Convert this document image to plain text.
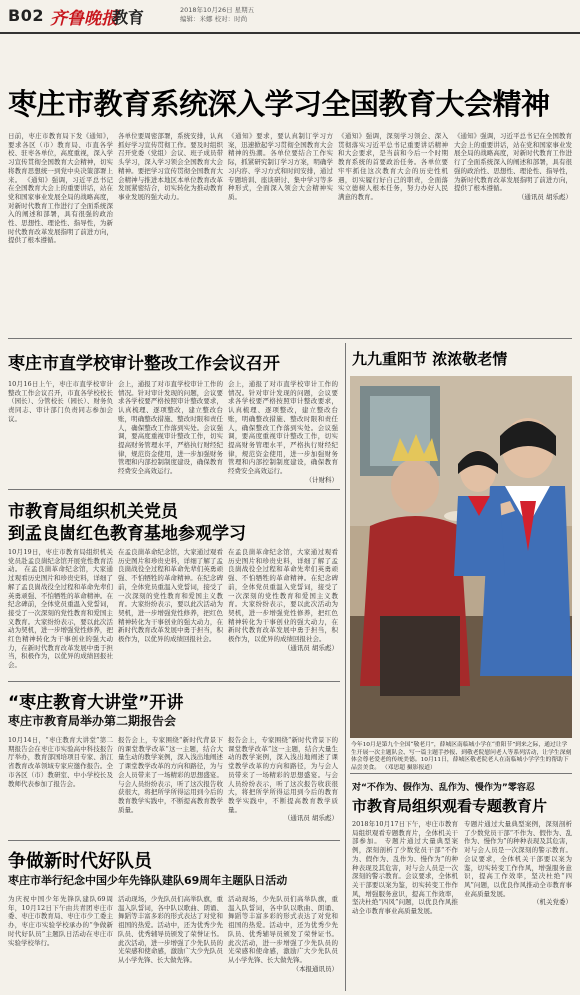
B02 齐鲁晚报
教育	2018年10月26日 星期五
编辑：米娜 校对：时尚
枣庄市教育系统深入学习全国教育大会精神
日前，枣庄市教育局下发《通知》，要求各区（市）教育局、市直各学校、驻枣各单位，高度重视，深入学习宣传贯彻全国教育大会精神，切实将教育思想统一到党中央决策部署上来。 《通知》强调，习近平总书记在全国教育大会上的重要讲话，站在党和国家事业发展全局的战略高度，对新时代教育工作进行了全面系统深入的阐述和部署，具有很强的政治性、思想性、理论性、指导性，为新时代教育改革发展指明了前进方向，提供了根本遵循。
各单位要周密部署，系统安排，认真抓好学习宣传贯彻工作。要及时组织召开党委（党组）会议、班子成员带头学习，深入学习领会全国教育大会精神。要把学习宣传贯彻全国教育大会精神与推进本地区本单位教育改革发展紧密结合，切实转化为推动教育事业发展的强大动力。
《通知》要求，要认真制订学习方案，迅速掀起学习贯彻全国教育大会精神的热潮。各单位要结合工作实际，抓紧研究制订学习方案，明确学习内容、学习方式和时间安排，通过专题培训、座谈研讨、集中学习等多种形式，全面深入领会大会精神实质。
《通知》强调，深刻学习领会、深入贯彻落实习近平总书记重要讲话精神和大会要求，是当前和今后一个时期教育系统的首要政治任务。各单位要牢牢抓住这次教育大会的历史性机遇，切实履行好自己的职责，全面落实立德树人根本任务，努力办好人民满意的教育。
《通知》强调，习近平总书记在全国教育大会上的重要讲话，站在党和国家事业发展全局的战略高度，对新时代教育工作进行了全面系统深入的阐述和部署，具有很强的政治性、思想性、理论性、指导性，为新时代教育改革发展指明了前进方向，提供了根本遵循。
（通讯员 胡乐彪）
枣庄市直学校审计整改工作会议召开
10月16日上午，枣庄市直学校审计整改工作会议召开，市直各学校校长（园长）、分管校长（园长）、财务负责同志、审计部门负责同志参加会议。
会上，通报了对市直学校审计工作的情况。针对审计发现的问题，会议要求各学校要严格按照审计整改要求，认真梳理、逐项整改，建立整改台账，明确整改措施、整改时限和责任人，确保整改工作落到实处。会议强调，要高度重视审计整改工作，切实提高财务管理水平，严格执行财经纪律，规范资金使用，进一步加强财务管理和内部控制制度建设，确保教育经费安全高效运行。
会上，通报了对市直学校审计工作的情况。针对审计发现的问题，会议要求各学校要严格按照审计整改要求，认真梳理、逐项整改，建立整改台账，明确整改措施、整改时限和责任人，确保整改工作落到实处。会议强调，要高度重视审计整改工作，切实提高财务管理水平，严格执行财经纪律，规范资金使用，进一步加强财务管理和内部控制制度建设，确保教育经费安全高效运行。
（计财科）
市教育局组织机关党员
到孟良崮红色教育基地参观学习
10月19日，枣庄市教育局组织机关党员赴孟良崮纪念馆开展党性教育活动。 在孟良崮革命纪念馆，大家通过观看历史图片和珍贵史料，详细了解了孟良崮战役全过程和革命先辈们英勇顽强、不怕牺牲的革命精神。在纪念碑前，全体党员重温入党誓词，接受了一次深刻的党性教育和爱国主义教育。大家纷纷表示，要以此次活动为契机，进一步增强党性修养，把红色精神转化为干事创业的强大动力，在新时代教育改革发展中勇于担当，积极作为，以优异的成绩回报社会。
在孟良崮革命纪念馆，大家通过观看历史图片和珍贵史料，详细了解了孟良崮战役全过程和革命先辈们英勇顽强、不怕牺牲的革命精神。在纪念碑前，全体党员重温入党誓词，接受了一次深刻的党性教育和爱国主义教育。大家纷纷表示，要以此次活动为契机，进一步增强党性修养，把红色精神转化为干事创业的强大动力，在新时代教育改革发展中勇于担当，积极作为，以优异的成绩回报社会。
在孟良崮革命纪念馆，大家通过观看历史图片和珍贵史料，详细了解了孟良崮战役全过程和革命先辈们英勇顽强、不怕牺牲的革命精神。在纪念碑前，全体党员重温入党誓词，接受了一次深刻的党性教育和爱国主义教育。大家纷纷表示，要以此次活动为契机，进一步增强党性修养，把红色精神转化为干事创业的强大动力，在新时代教育改革发展中勇于担当，积极作为，以优异的成绩回报社会。
（通讯员 胡乐彪）
“枣庄教育大讲堂”开讲
枣庄市教育局举办第二期报告会
10月14日，“枣庄教育大讲堂”第二期报告会在枣庄市实验高中科技报告厅举办，教育部国培项目专家、浙江省教育改革领域专家应邀作报告。全市各区（市）教研室、中小学校长及教师代表参加了报告会。
报告会上，专家围绕“新时代背景下的课堂教学改革”这一主题，结合大量生动的教学案例，深入浅出地阐述了课堂教学改革的方向和路径，为与会人员带来了一场精彩的思想盛宴。与会人员纷纷表示，听了这次报告收获很大，将把所学所得运用到今后的教育教学实践中，不断提高教育教学质量。
报告会上，专家围绕“新时代背景下的课堂教学改革”这一主题，结合大量生动的教学案例，深入浅出地阐述了课堂教学改革的方向和路径，为与会人员带来了一场精彩的思想盛宴。与会人员纷纷表示，听了这次报告收获很大，将把所学所得运用到今后的教育教学实践中，不断提高教育教学质量。
（通讯员 胡乐彪）
争做新时代好队员
枣庄市举行纪念中国少年先锋队建队69周年主题队日活动
为庆祝中国少年先锋队建队69周年，10月12日下午由共青团枣庄市委、枣庄市教育局、枣庄市少工委主办，枣庄市实验学校承办的“争做新时代好队员”主题队日活动在枣庄市实验学校举行。
活动现场，少先队员们高举队旗，重温入队誓词，各中队以歌曲、朗诵、舞蹈等丰富多彩的形式表达了对党和祖国的热爱。活动中，还为优秀少先队员、优秀辅导员颁发了荣誉证书。此次活动，进一步增强了少先队员的光荣感和使命感，激励广大少先队员从小学先锋、长大做先锋。
活动现场，少先队员们高举队旗，重温入队誓词，各中队以歌曲、朗诵、舞蹈等丰富多彩的形式表达了对党和祖国的热爱。活动中，还为优秀少先队员、优秀辅导员颁发了荣誉证书。此次活动，进一步增强了少先队员的光荣感和使命感，激励广大少先队员从小学先锋、长大做先锋。
（本报通讯员）
九九重阳节 浓浓敬老情
今年10月是第九个全国“敬老月”，薛城区南临城小学在“重阳节”到来之际，通过让学生开展一次主题队会、写一篇主题手抄报、到敬老院慰问老人等系列活动，让学生深刻体会尊老爱老的传统美德。10月11日，薛城区敬老院老人在南临城小学学生的帮助下品尝美食。 （邓思超 摄影报道）
对“不作为、假作为、乱作为、慢作为”零容忍
市教育局组织观看专题教育片
2018年10月17日下午，枣庄市教育局组织观看专题教育片，全体机关干部参加。 专题片通过大量典型案例，深刻剖析了少数党员干部“不作为、假作为、乱作为、慢作为”的种种表现及其危害，对与会人员是一次深刻的警示教育。会议要求，全体机关干部要以案为鉴，切实转变工作作风，增强服务意识，提高工作效率，坚决杜绝“四风”问题，以优良作风推动全市教育事业高质量发展。
专题片通过大量典型案例，深刻剖析了少数党员干部“不作为、假作为、乱作为、慢作为”的种种表现及其危害，对与会人员是一次深刻的警示教育。会议要求，全体机关干部要以案为鉴，切实转变工作作风，增强服务意识，提高工作效率，坚决杜绝“四风”问题，以优良作风推动全市教育事业高质量发展。
（机关党委）
